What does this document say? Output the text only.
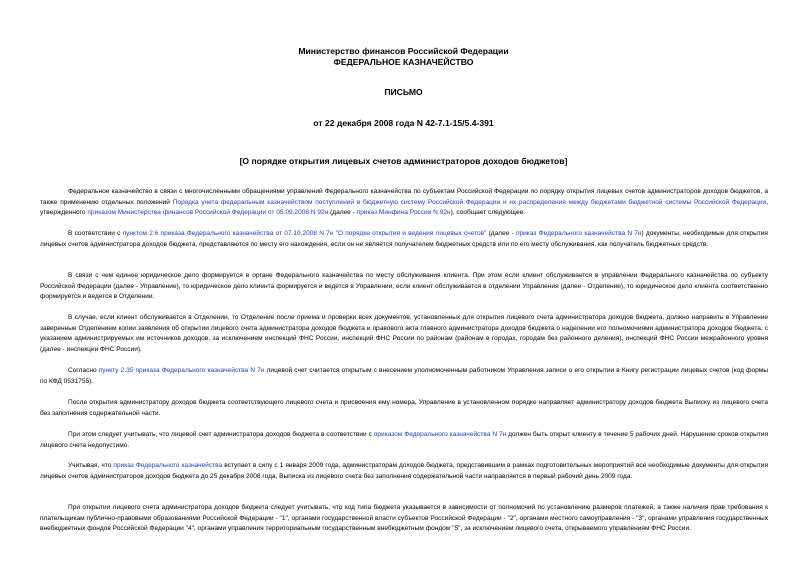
Министерство финансов Российской Федерации
ФЕДЕРАЛЬНОЕ КАЗНАЧЕЙСТВО
ПИСЬМО
от 22 декабря 2008 года N 42-7.1-15/5.4-391
[О порядке открытия лицевых счетов администраторов доходов бюджетов]

Федеральное казначейство в связи с многочисленными обращениями управлений Федерального казначейства по субъектам Российской Федерации по порядку открытия лицевых счетов администраторов доходов бюджетов, а также применению отдельных положений Порядка учета федеральным казначейством поступлений в бюджетную систему Российской Федерации и их распределения между бюджетами бюджетной системы Российской Федерации, утвержденного приказом Министерства финансов Российской Федерации от 05.09.2008 N 92н (далее - приказ Минфина России N 92н), сообщает следующее.

В соответствии с пунктом 2.6 приказа Федерального казначейства от 07.10.2008 N 7н "О порядке открытия и ведения лицевых счетов" (далее - приказ Федерального казначейства N 7н) документы, необходимые для открытия лицевых счетов администратора доходов бюджета, представляются по месту его нахождения, если он не является получателем бюджетных средств или по его месту обслуживания, как получатель бюджетных средств.

В связи с чем единое юридическое дело формируется в органе Федерального казначейства по месту обслуживания клиента. При этом если клиент обслуживается в управлении Федерального казначейства по субъекту Российской Федерации (далее - Управление), то юридическое дело клиента формируется и ведется в Управлении, если клиент обслуживается в отделении Управления (далее - Отделение), то юридическое дело клиента соответственно формируется и ведется в Отделении.

В случае, если клиент обслуживается в Отделении, то Отделение после приема и проверки всех документов, установленных для открытия лицевого счета администратора доходов бюджета, должно направить в Управление заверенные Отделением копии заявления об открытии лицевого счета администратора доходов бюджета и правового акта главного администратора доходов бюджета о наделении его полномочиями администратора доходов бюджета, с указанием администрируемых им источников доходов, за исключением инспекций ФНС России, инспекций ФНС России по районам (районам в городах, городам без районного деления), инспекций ФНС России межрайонного уровня (далее - инспекции ФНС России).

Согласно пункту 2.35 приказа Федерального казначейства N 7н лицевой счет считается открытым с внесением уполномоченным работником Управления записи о его открытии в Книгу регистрации лицевых счетов (код формы по КФД 0531755).

После открытия администратору доходов бюджета соответствующего лицевого счета и присвоения ему номера, Управление в установленном порядке направляет администратору доходов бюджета Выписку из лицевого счета без заполнения содержательной части.

При этом следует учитывать, что лицевой счет администратора доходов бюджета в соответствии с приказом Федерального казначейства N 7н должен быть открыт клиенту в течение 5 рабочих дней. Нарушение сроков открытия лицевого счета недопустимо.

Учитывая, что приказ Федерального казначейства вступает в силу с 1 января 2009 года, администраторам доходов бюджета, представившим в рамках подготовительных мероприятий все необходимые документы для открытия лицевых счетов администраторов доходов бюджета до 25 декабря 2008 года, Выписка из лицевого счета без заполнения содержательной части направляется в первый рабочий день 2009 года.

При открытии лицевого счета администратора доходов бюджета следует учитывать, что код типа бюджета указывается в зависимости от полномочий по установлению размеров платежей, а также наличия прав требования к плательщикам публично-правовыми образованиями Российской Федерации - "1", органами государственной власти субъектов Российской Федерации - "2", органами местного самоуправления - "3", органами управления государственных внебюджетных фондов Российской Федерации "4", органами управления территориальным государственным внебюджетным фондом "5", за исключением лицевого счета, открываемого управлениям ФНС России.
